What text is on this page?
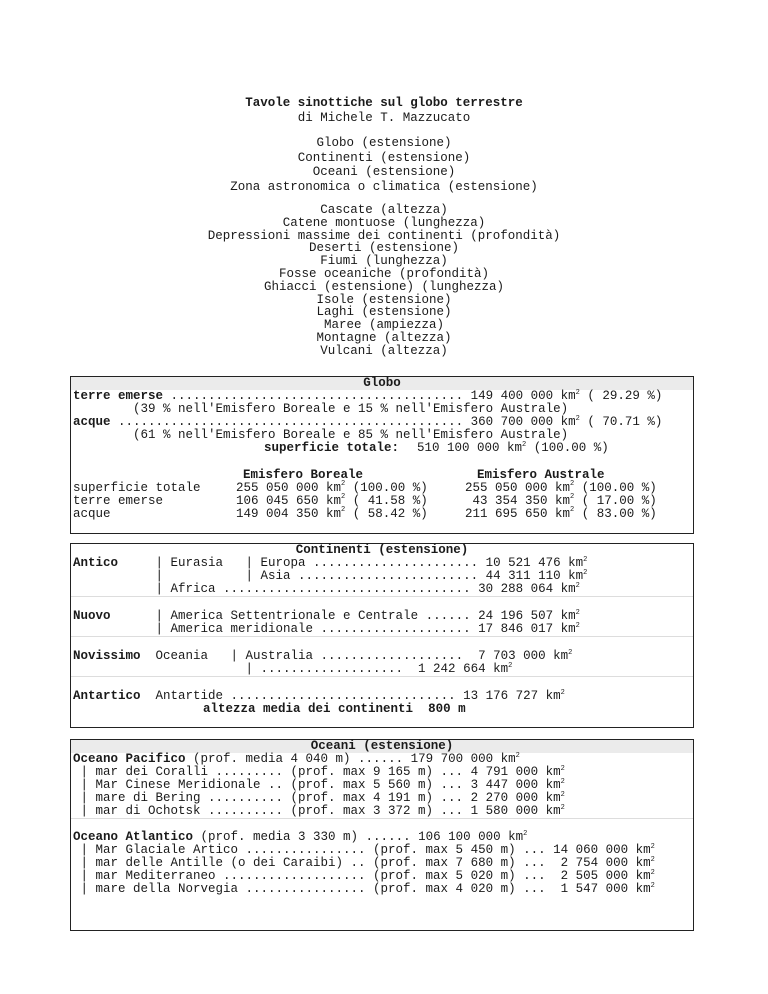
Tavole sinottiche sul globo terrestre
di Michele T. Mazzucato
Globo (estensione)
Continenti (estensione)
Oceani (estensione)
Zona astronomica o climatica (estensione)
Cascate (altezza)
Catene montuose (lunghezza)
Depressioni massime dei continenti (profondità)
Deserti (estensione)
Fiumi (lunghezza)
Fosse oceaniche (profondità)
Ghiacci (estensione) (lunghezza)
Isole (estensione)
Laghi (estensione)
Maree (ampiezza)
Montagne (altezza)
Vulcani (altezza)
Globo
terre emerse ....................................... 149 400 000 $km^2$ ( 29.29 %)
(39 % nell'Emisfero Boreale e 15 % nell'Emisfero Australe)
acque .............................................. 360 700 000 $km^2$ ( 70.71 %)
(61 % nell'Emisfero Boreale e 85 % nell'Emisfero Australe)
superficie totale: 510 100 000 $km^2$ (100.00 %)
Emisfero Boreale	Emisfero Australe
superficie totale	255 050 000 $km^2$ (100.00 %)	255 050 000 $km^2$ (100.00 %)
terre emerse	106 045 650 $km^2$ ( 41.58 %)	43 354 350 $km^2$ ( 17.00 %)
acque	149 004 350 $km^2$ ( 58.42 %)	211 695 650 $km^2$ ( 83.00 %)
Continenti (estensione)
Antico     | Eurasia   | Europa ...................... 10 521 476 $km^2$
|           | Asia ........................ 44 311 110 $km^2$
| Africa ................................. 30 288 064 $km^2$
Nuovo      | America Settentrionale e Centrale ...... 24 196 507 $km^2$
| America meridionale .................... 17 846 017 $km^2$
Novissimo  Oceania   | Australia ...................  7 703 000 $km^2$
| ...................  1 242 664 $km^2$
Antartico  Antartide .............................. 13 176 727 $km^2$
altezza media dei continenti 800 m
Oceani (estensione)
Oceano Pacifico (prof. media 4 040 m) ...... 179 700 000 $km^2$
| mar dei Coralli ......... (prof. max 9 165 m) ... 4 791 000 $km^2$
| Mar Cinese Meridionale .. (prof. max 5 560 m) ... 3 447 000 $km^2$
| mare di Bering .......... (prof. max 4 191 m) ... 2 270 000 $km^2$
| mar di Ochotsk .......... (prof. max 3 372 m) ... 1 580 000 $km^2$
Oceano Atlantico (prof. media 3 330 m) ...... 106 100 000 $km^2$
| Mar Glaciale Artico ................ (prof. max 5 450 m) ... 14 060 000 $km^2$
| mar delle Antille (o dei Caraibi) .. (prof. max 7 680 m) ...  2 754 000 $km^2$
| mar Mediterraneo ................... (prof. max 5 020 m) ...  2 505 000 $km^2$
| mare della Norvegia ................ (prof. max 4 020 m) ...  1 547 000 $km^2$
